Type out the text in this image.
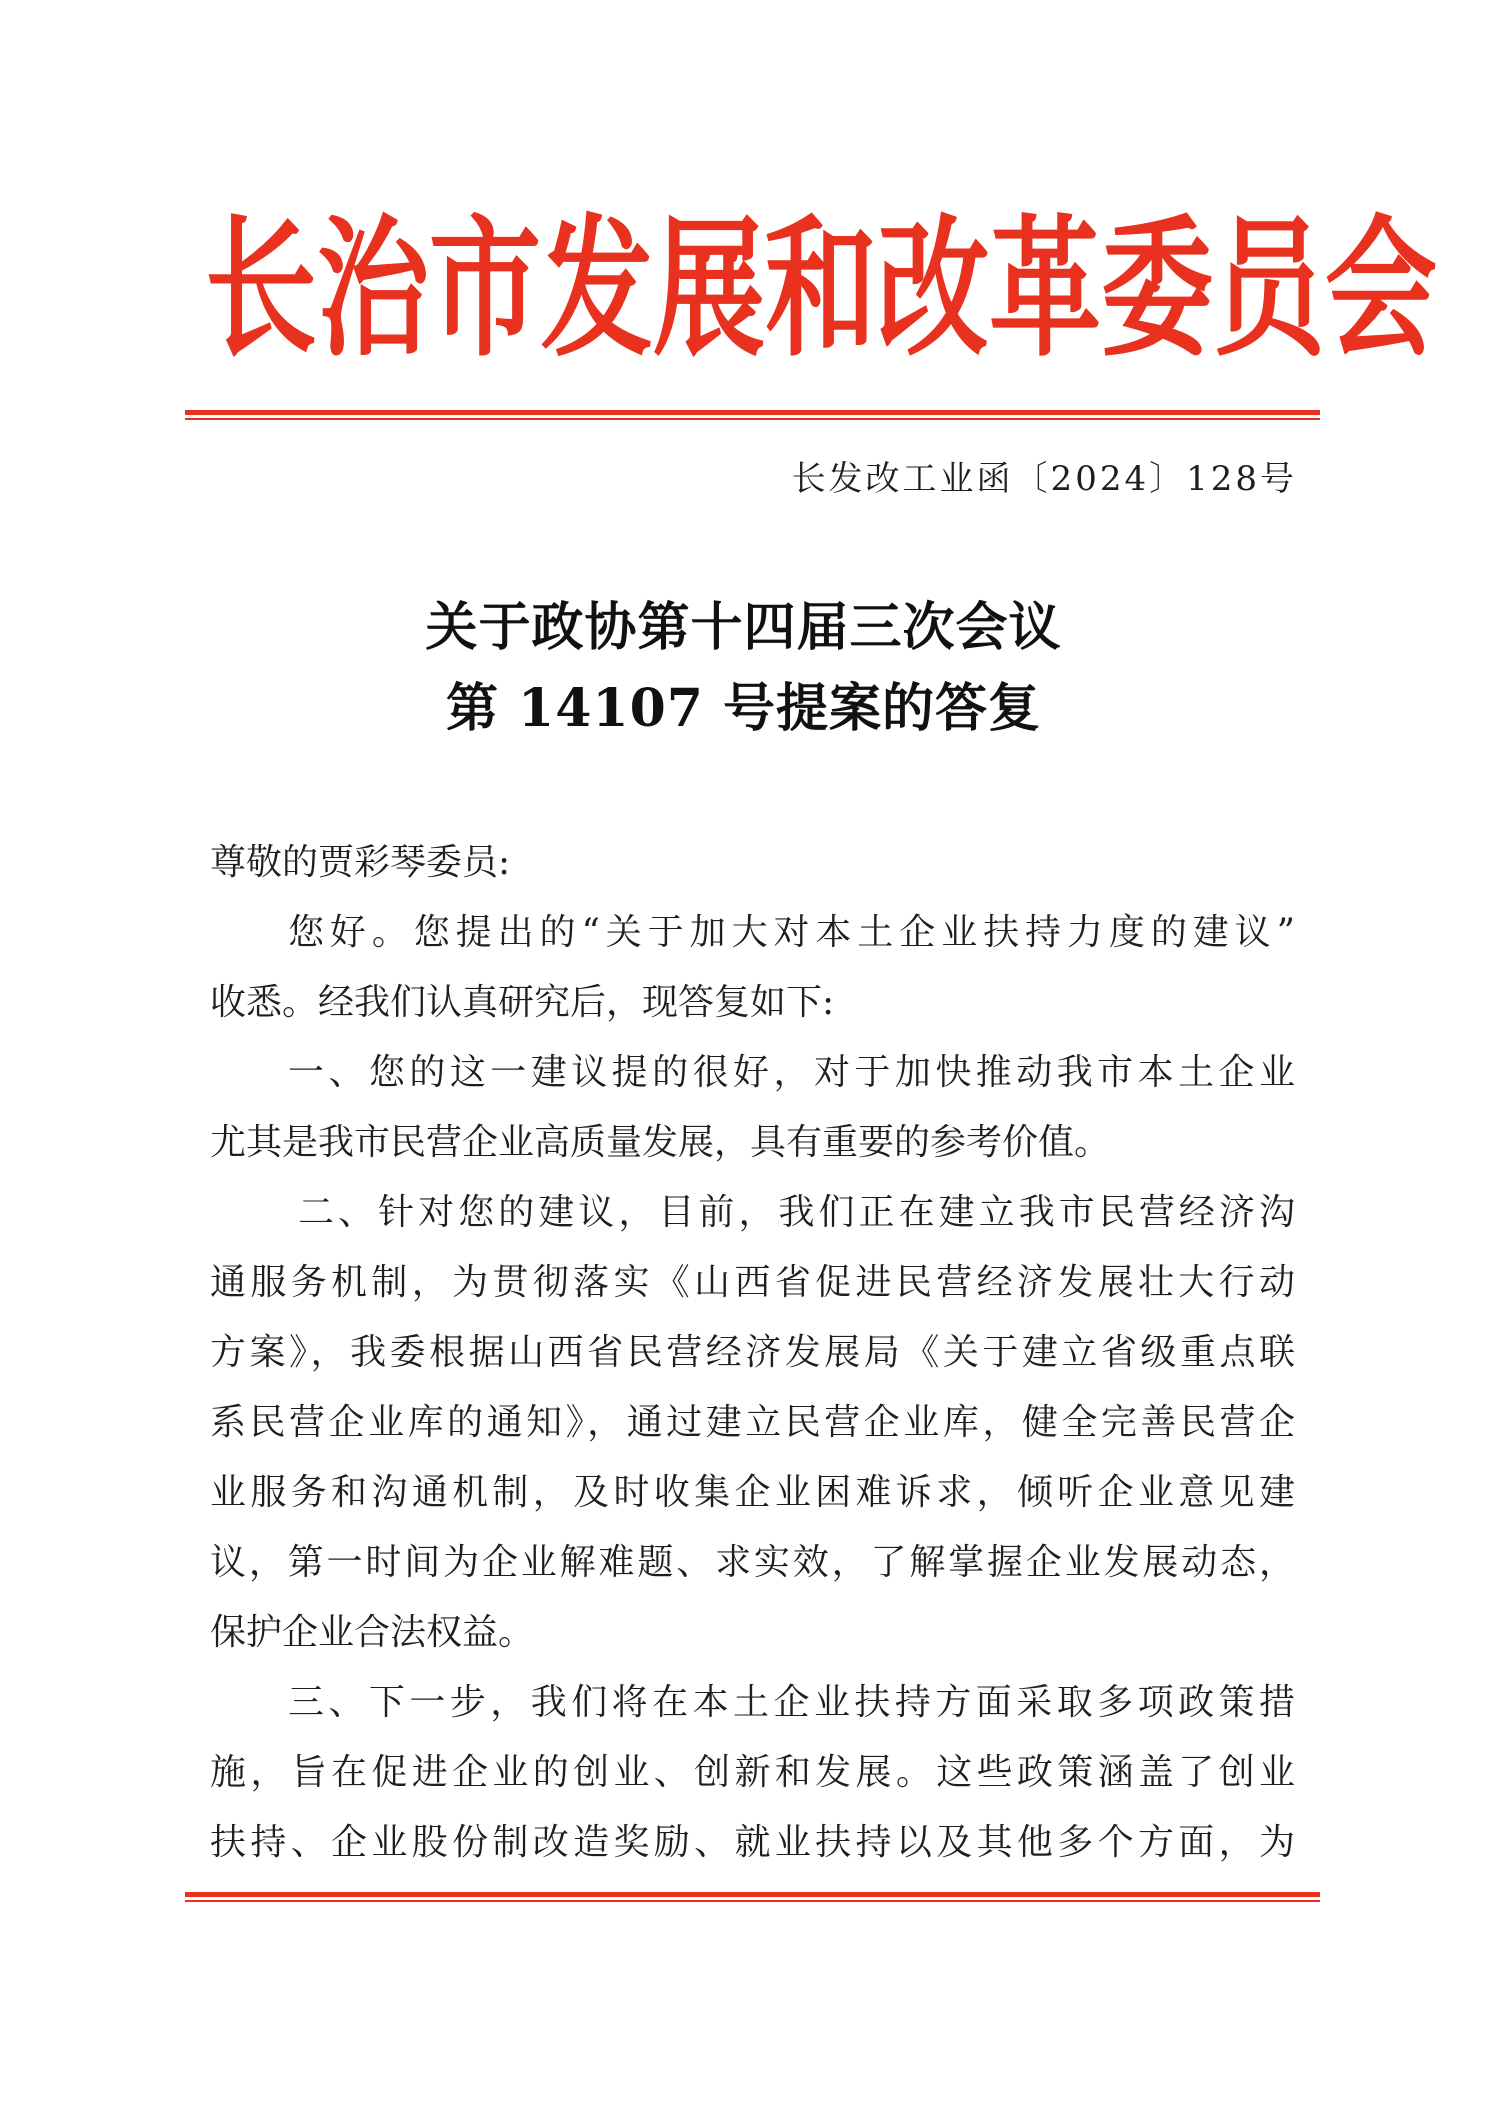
长 治 市 发 展 和 改 革 委 员 会
长发改工业函〔2024〕128号
关于政协第十四届三次会议
第 14107 号提案的答复
尊敬的贾彩琴委员:
您好。您提出的“关于加大对本土企业扶持力度的建议”
收悉。经我们认真研究后，现答复如下:
一、您的这一建议提的很好，对于加快推动我市本土企业
尤其是我市民营企业高质量发展，具有重要的参考价值。
二、针对您的建议，目前，我们正在建立我市民营经济沟
通服务机制，为贯彻落实《山西省促进民营经济发展壮大行动
方案》，我委根据山西省民营经济发展局《关于建立省级重点联
系民营企业库的通知》，通过建立民营企业库，健全完善民营企
业服务和沟通机制，及时收集企业困难诉求，倾听企业意见建
议，第一时间为企业解难题、求实效，了解掌握企业发展动态，
保护企业合法权益。
三、下一步，我们将在本土企业扶持方面采取多项政策措
施，旨在促进企业的创业、创新和发展。这些政策涵盖了创业
扶持、企业股份制改造奖励、就业扶持以及其他多个方面，为
